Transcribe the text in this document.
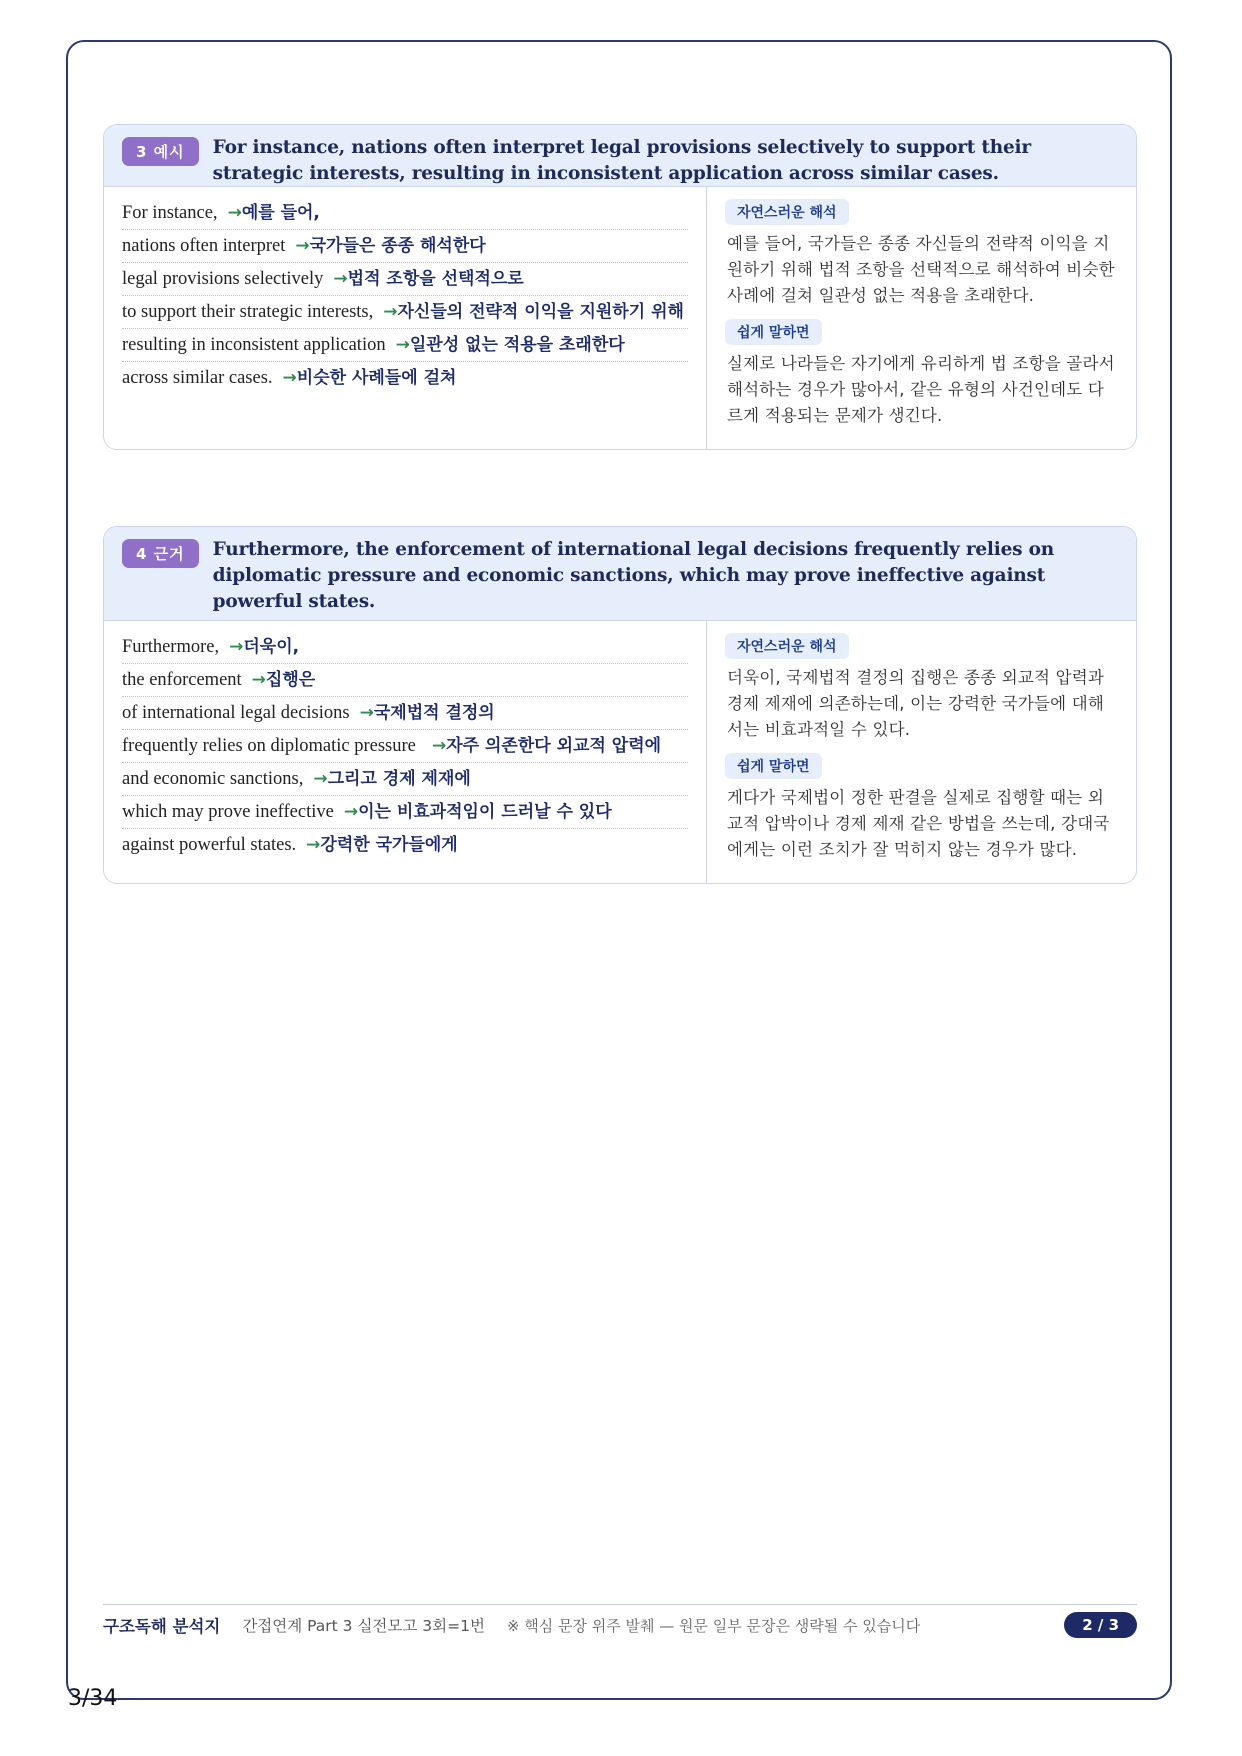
3 예시	For instance, nations often interpret legal provisions selectively to support their strategic interests, resulting in inconsistent application across similar cases.
For instance, →예를 들어,
nations often interpret →국가들은 종종 해석한다
legal provisions selectively →법적 조항을 선택적으로
to support their strategic interests, →자신들의 전략적 이익을 지원하기 위해
resulting in inconsistent application →일관성 없는 적용을 초래한다
across similar cases. →비슷한 사례들에 걸쳐
자연스러운 해석

예를 들어, 국가들은 종종 자신들의 전략적 이익을 지원하기 위해 법적 조항을 선택적으로 해석하여 비슷한 사례에 걸쳐 일관성 없는 적용을 초래한다.

쉽게 말하면

실제로 나라들은 자기에게 유리하게 법 조항을 골라서 해석하는 경우가 많아서, 같은 유형의 사건인데도 다르게 적용되는 문제가 생긴다.

4 근거	Furthermore, the enforcement of international legal decisions frequently relies on diplomatic pressure and economic sanctions, which may prove ineffective against powerful states.
Furthermore, →더욱이,
the enforcement →집행은
of international legal decisions →국제법적 결정의
frequently relies on diplomatic pressure →자주 의존한다 외교적 압력에
and economic sanctions, →그리고 경제 제재에
which may prove ineffective →이는 비효과적임이 드러날 수 있다
against powerful states. →강력한 국가들에게
자연스러운 해석

더욱이, 국제법적 결정의 집행은 종종 외교적 압력과 경제 제재에 의존하는데, 이는 강력한 국가들에 대해서는 비효과적일 수 있다.

쉽게 말하면

게다가 국제법이 정한 판결을 실제로 집행할 때는 외교적 압박이나 경제 제재 같은 방법을 쓰는데, 강대국에게는 이런 조치가 잘 먹히지 않는 경우가 많다.

구조독해 분석지 간접연계 Part 3 실전모고 3회=1번 ※ 핵심 문장 위주 발췌 — 원문 일부 문장은 생략될 수 있습니다	2 / 3
3/34
